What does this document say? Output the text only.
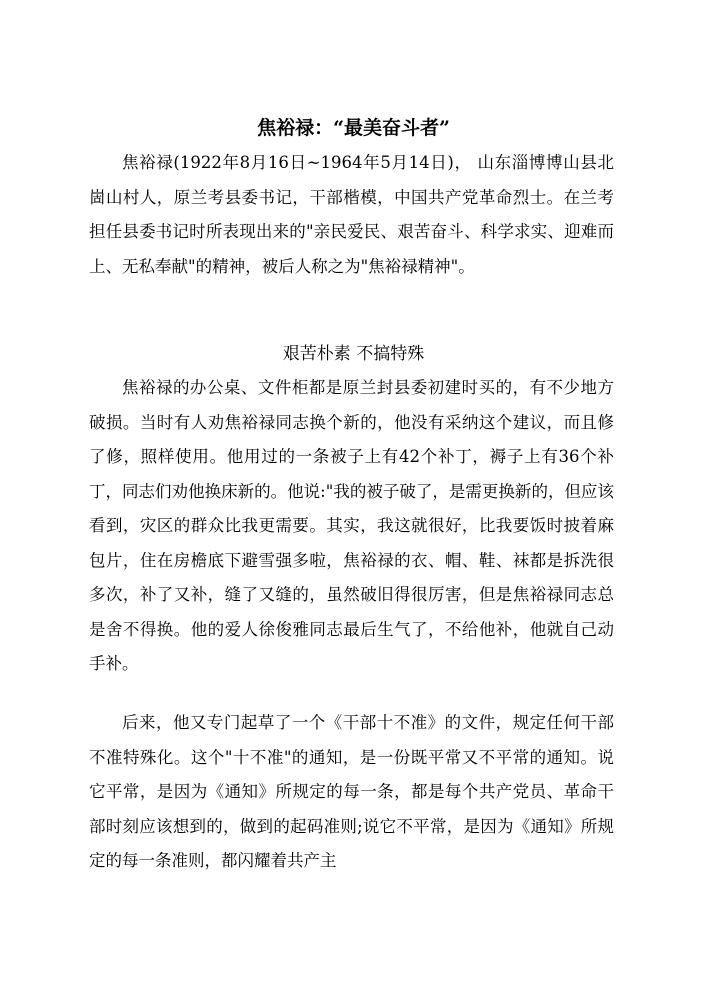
焦裕禄：“最美奋斗者”

焦裕禄(1922年8月16日~1964年5月14日)， 山东淄博博山县北崮山村人，原兰考县委书记，干部楷模，中国共产党革命烈士。在兰考担任县委书记时所表现出来的"亲民爱民、艰苦奋斗、科学求实、迎难而上、无私奉献"的精神，被后人称之为"焦裕禄精神"。

艰苦朴素 不搞特殊

焦裕禄的办公桌、文件柜都是原兰封县委初建时买的，有不少地方破损。当时有人劝焦裕禄同志换个新的，他没有采纳这个建议，而且修了修，照样使用。他用过的一条被子上有42个补丁，褥子上有36个补丁，同志们劝他换床新的。他说:"我的被子破了，是需更换新的，但应该看到，灾区的群众比我更需要。其实，我这就很好，比我要饭时披着麻包片，住在房檐底下避雪强多啦，焦裕禄的衣、帽、鞋、袜都是拆洗很多次，补了又补，缝了又缝的，虽然破旧得很厉害，但是焦裕禄同志总是舍不得换。他的爱人徐俊雅同志最后生气了，不给他补，他就自己动手补。

后来，他又专门起草了一个《干部十不准》的文件，规定任何干部不准特殊化。这个"十不准"的通知，是一份既平常又不平常的通知。说它平常，是因为《通知》所规定的每一条，都是每个共产党员、革命干部时刻应该想到的，做到的起码准则;说它不平常，是因为《通知》所规定的每一条准则，都闪耀着共产主
